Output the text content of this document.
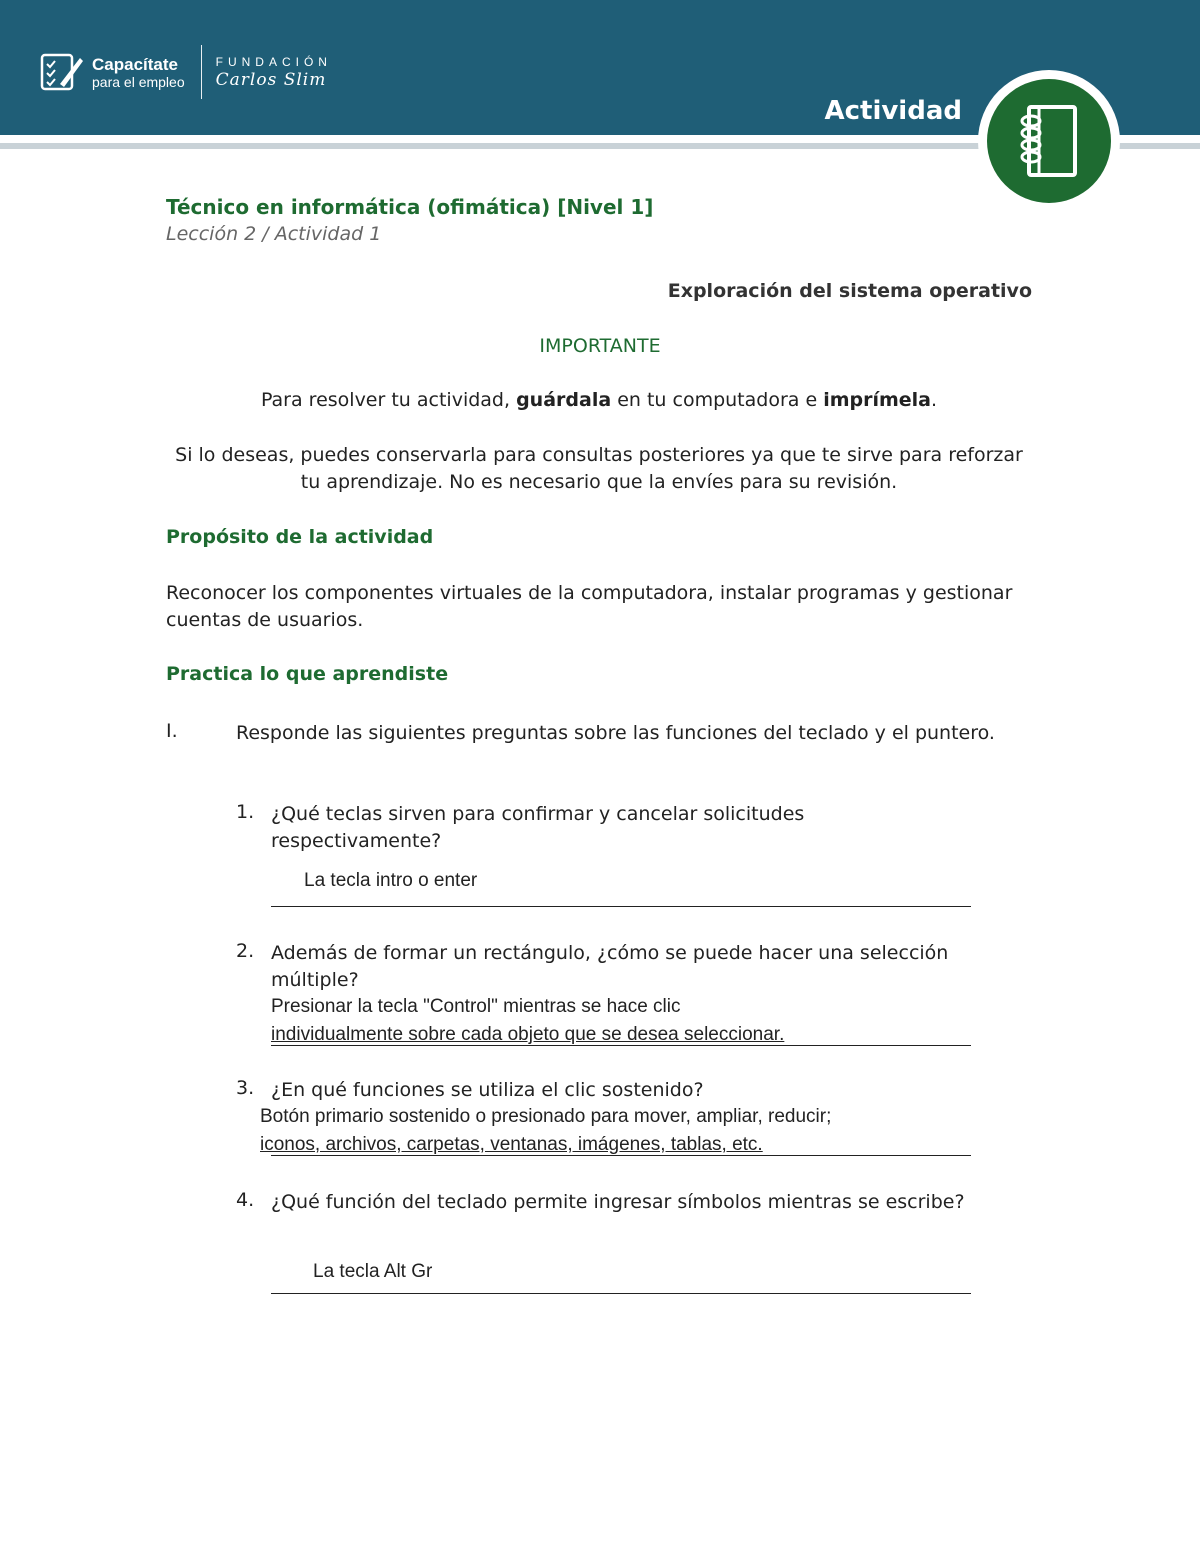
Capacítate
para el empleo
FUNDACIÓN
Carlos Slim
Actividad
Técnico en informática (ofimática) [Nivel 1]
Lección 2 / Actividad 1
Exploración del sistema operativo
IMPORTANTE
Para resolver tu actividad, guárdala en tu computadora e imprímela.
Si lo deseas, puedes conservarla para consultas posteriores ya que te sirve para reforzar tu aprendizaje. No es necesario que la envíes para su revisión.
Propósito de la actividad
Reconocer los componentes virtuales de la computadora, instalar programas y gestionar cuentas de usuarios.
Practica lo que aprendiste
I.	Responde las siguientes preguntas sobre las funciones del teclado y el puntero.
1. ¿Qué teclas sirven para confirmar y cancelar solicitudes respectivamente?
La tecla intro o enter
2. Además de formar un rectángulo, ¿cómo se puede hacer una selección múltiple?
Presionar la tecla "Control" mientras se hace clic
individualmente sobre cada objeto que se desea seleccionar.
3. ¿En qué funciones se utiliza el clic sostenido?
Botón primario sostenido o presionado para mover, ampliar, reducir;
iconos, archivos, carpetas, ventanas, imágenes, tablas, etc.
4. ¿Qué función del teclado permite ingresar símbolos mientras se escribe?
La tecla Alt Gr
